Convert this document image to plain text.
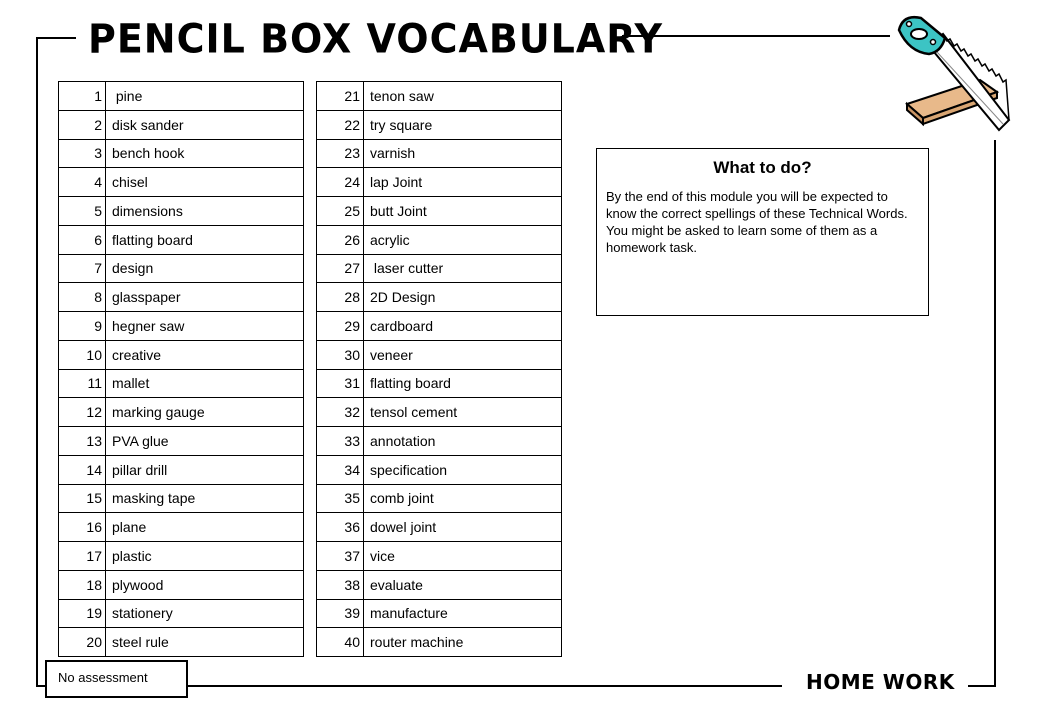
PENCIL BOX VOCABULARY
1	pine
2	disk sander
3	bench hook
4	chisel
5	dimensions
6	flatting board
7	design
8	glasspaper
9	hegner saw
10	creative
11	mallet
12	marking gauge
13	PVA glue
14	pillar drill
15	masking tape
16	plane
17	plastic
18	plywood
19	stationery
20	steel rule
21	tenon saw
22	try square
23	varnish
24	lap Joint
25	butt Joint
26	acrylic
27	laser cutter
28	2D Design
29	cardboard
30	veneer
31	flatting board
32	tensol cement
33	annotation
34	specification
35	comb joint
36	dowel joint
37	vice
38	evaluate
39	manufacture
40	router machine
What to do?
By the end of this module you will be expected to know the correct spellings of these Technical Words. You might be asked to learn some of them as a homework task.
No assessment	HOME WORK
